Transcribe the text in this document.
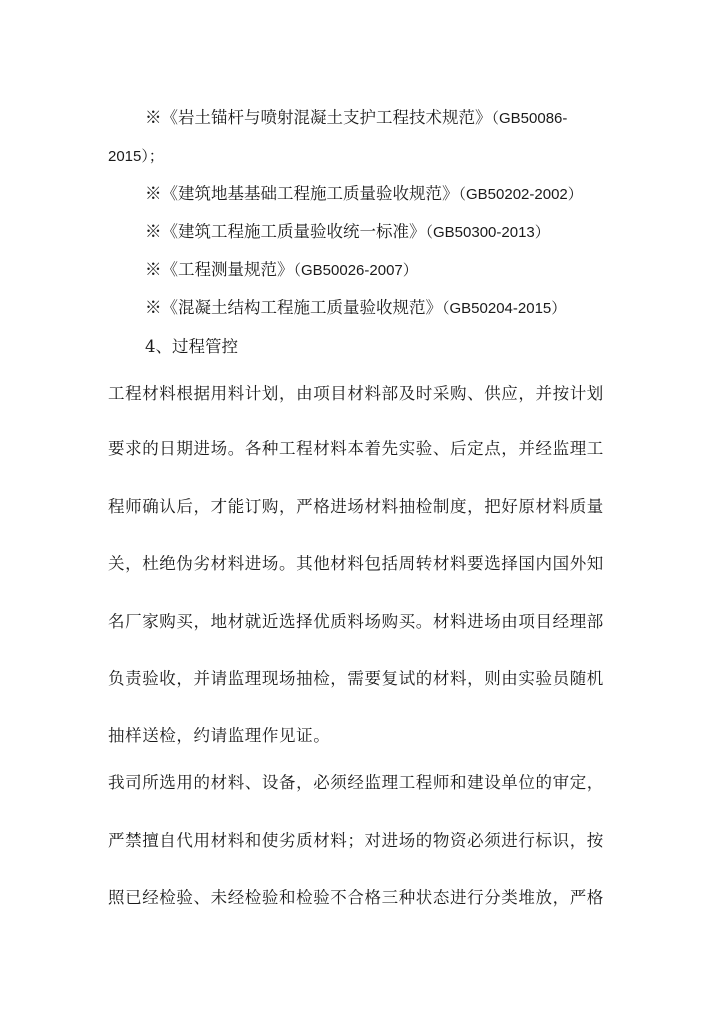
※《岩土锚杆与喷射混凝土支护工程技术规范》（GB50086-
2015）；
※《建筑地基基础工程施工质量验收规范》（GB50202-2002）
※《建筑工程施工质量验收统一标准》（GB50300-2013）
※《工程测量规范》（GB50026-2007）
※《混凝土结构工程施工质量验收规范》（GB50204-2015）
4、过程管控
工程材料根据用料计划，由项目材料部及时采购、供应，并按计划
要求的日期进场。各种工程材料本着先实验、后定点，并经监理工
程师确认后，才能订购，严格进场材料抽检制度，把好原材料质量
关，杜绝伪劣材料进场。其他材料包括周转材料要选择国内国外知
名厂家购买，地材就近选择优质料场购买。材料进场由项目经理部
负责验收，并请监理现场抽检，需要复试的材料，则由实验员随机
抽样送检，约请监理作见证。
我司所选用的材料、设备，必须经监理工程师和建设单位的审定，
严禁擅自代用材料和使劣质材料；对进场的物资必须进行标识，按
照已经检验、未经检验和检验不合格三种状态进行分类堆放，严格
